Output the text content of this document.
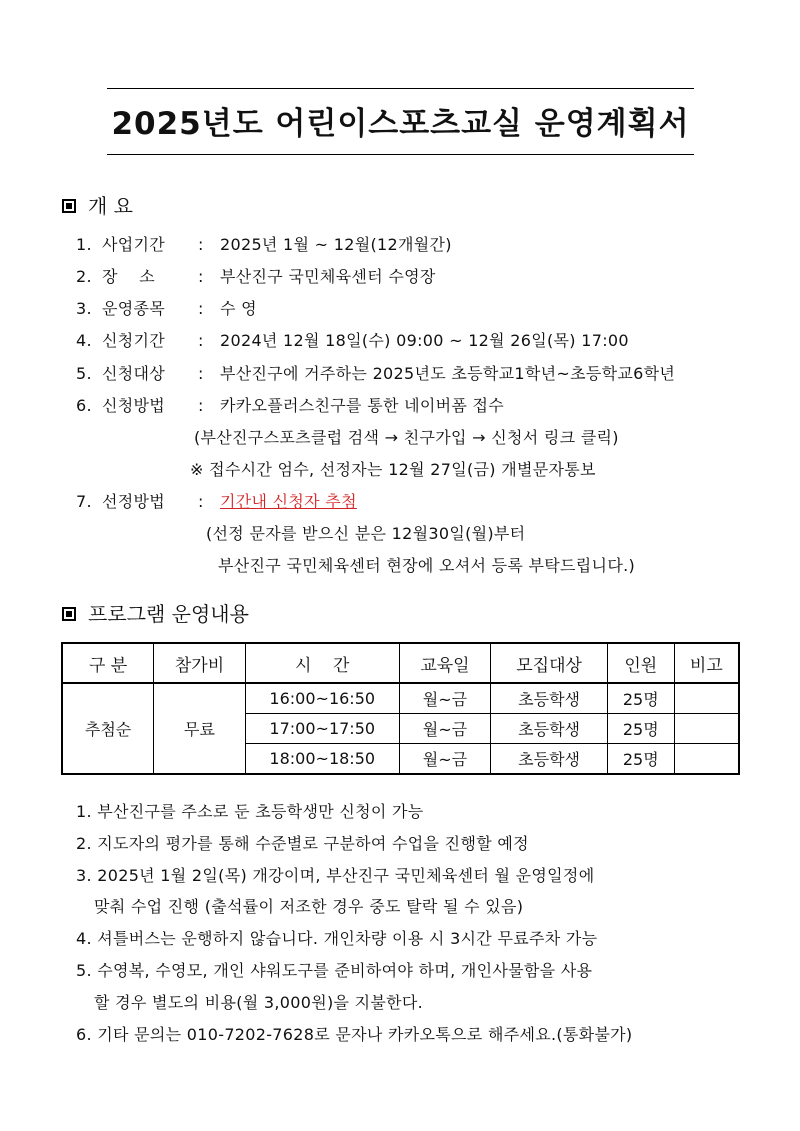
2025년도 어린이스포츠교실 운영계획서
개 요
1. 사업기간 : 2025년 1월 ~ 12월(12개월간)
2. 장    소	: 부산진구 국민체육센터 수영장
3. 운영종목 : 수 영
4. 신청기간 : 2024년 12월 18일(수) 09:00 ~ 12월 26일(목) 17:00
5. 신청대상 : 부산진구에 거주하는 2025년도 초등학교1학년~초등학교6학년
6. 신청방법 : 카카오플러스친구를 통한 네이버폼 접수
(부산진구스포츠클럽 검색 → 친구가입 → 신청서 링크 클릭)
※ 접수시간 엄수, 선정자는 12월 27일(금) 개별문자통보
7. 선정방법 : 기간내 신청자 추첨
(선정 문자를 받으신 분은 12월30일(월)부터
부산진구 국민체육센터 현장에 오셔서 등록 부탁드립니다.)
프로그램 운영내용
구 분	참가비	시    간	교육일	모집대상	인원	비고
추첨순	무료	16:00~16:50	월~금	초등학생	25명	
		17:00~17:50	월~금	초등학생	25명	
		18:00~18:50	월~금	초등학생	25명	
1. 부산진구를 주소로 둔 초등학생만 신청이 가능
2. 지도자의 평가를 통해 수준별로 구분하여 수업을 진행할 예정
3. 2025년 1월 2일(목) 개강이며, 부산진구 국민체육센터 월 운영일정에
맞춰 수업 진행 (출석률이 저조한 경우 중도 탈락 될 수 있음)
4. 셔틀버스는 운행하지 않습니다. 개인차량 이용 시 3시간 무료주차 가능
5. 수영복, 수영모, 개인 샤워도구를 준비하여야 하며, 개인사물함을 사용
할 경우 별도의 비용(월 3,000원)을 지불한다.
6. 기타 문의는 010-7202-7628로 문자나 카카오톡으로 해주세요.(통화불가)
